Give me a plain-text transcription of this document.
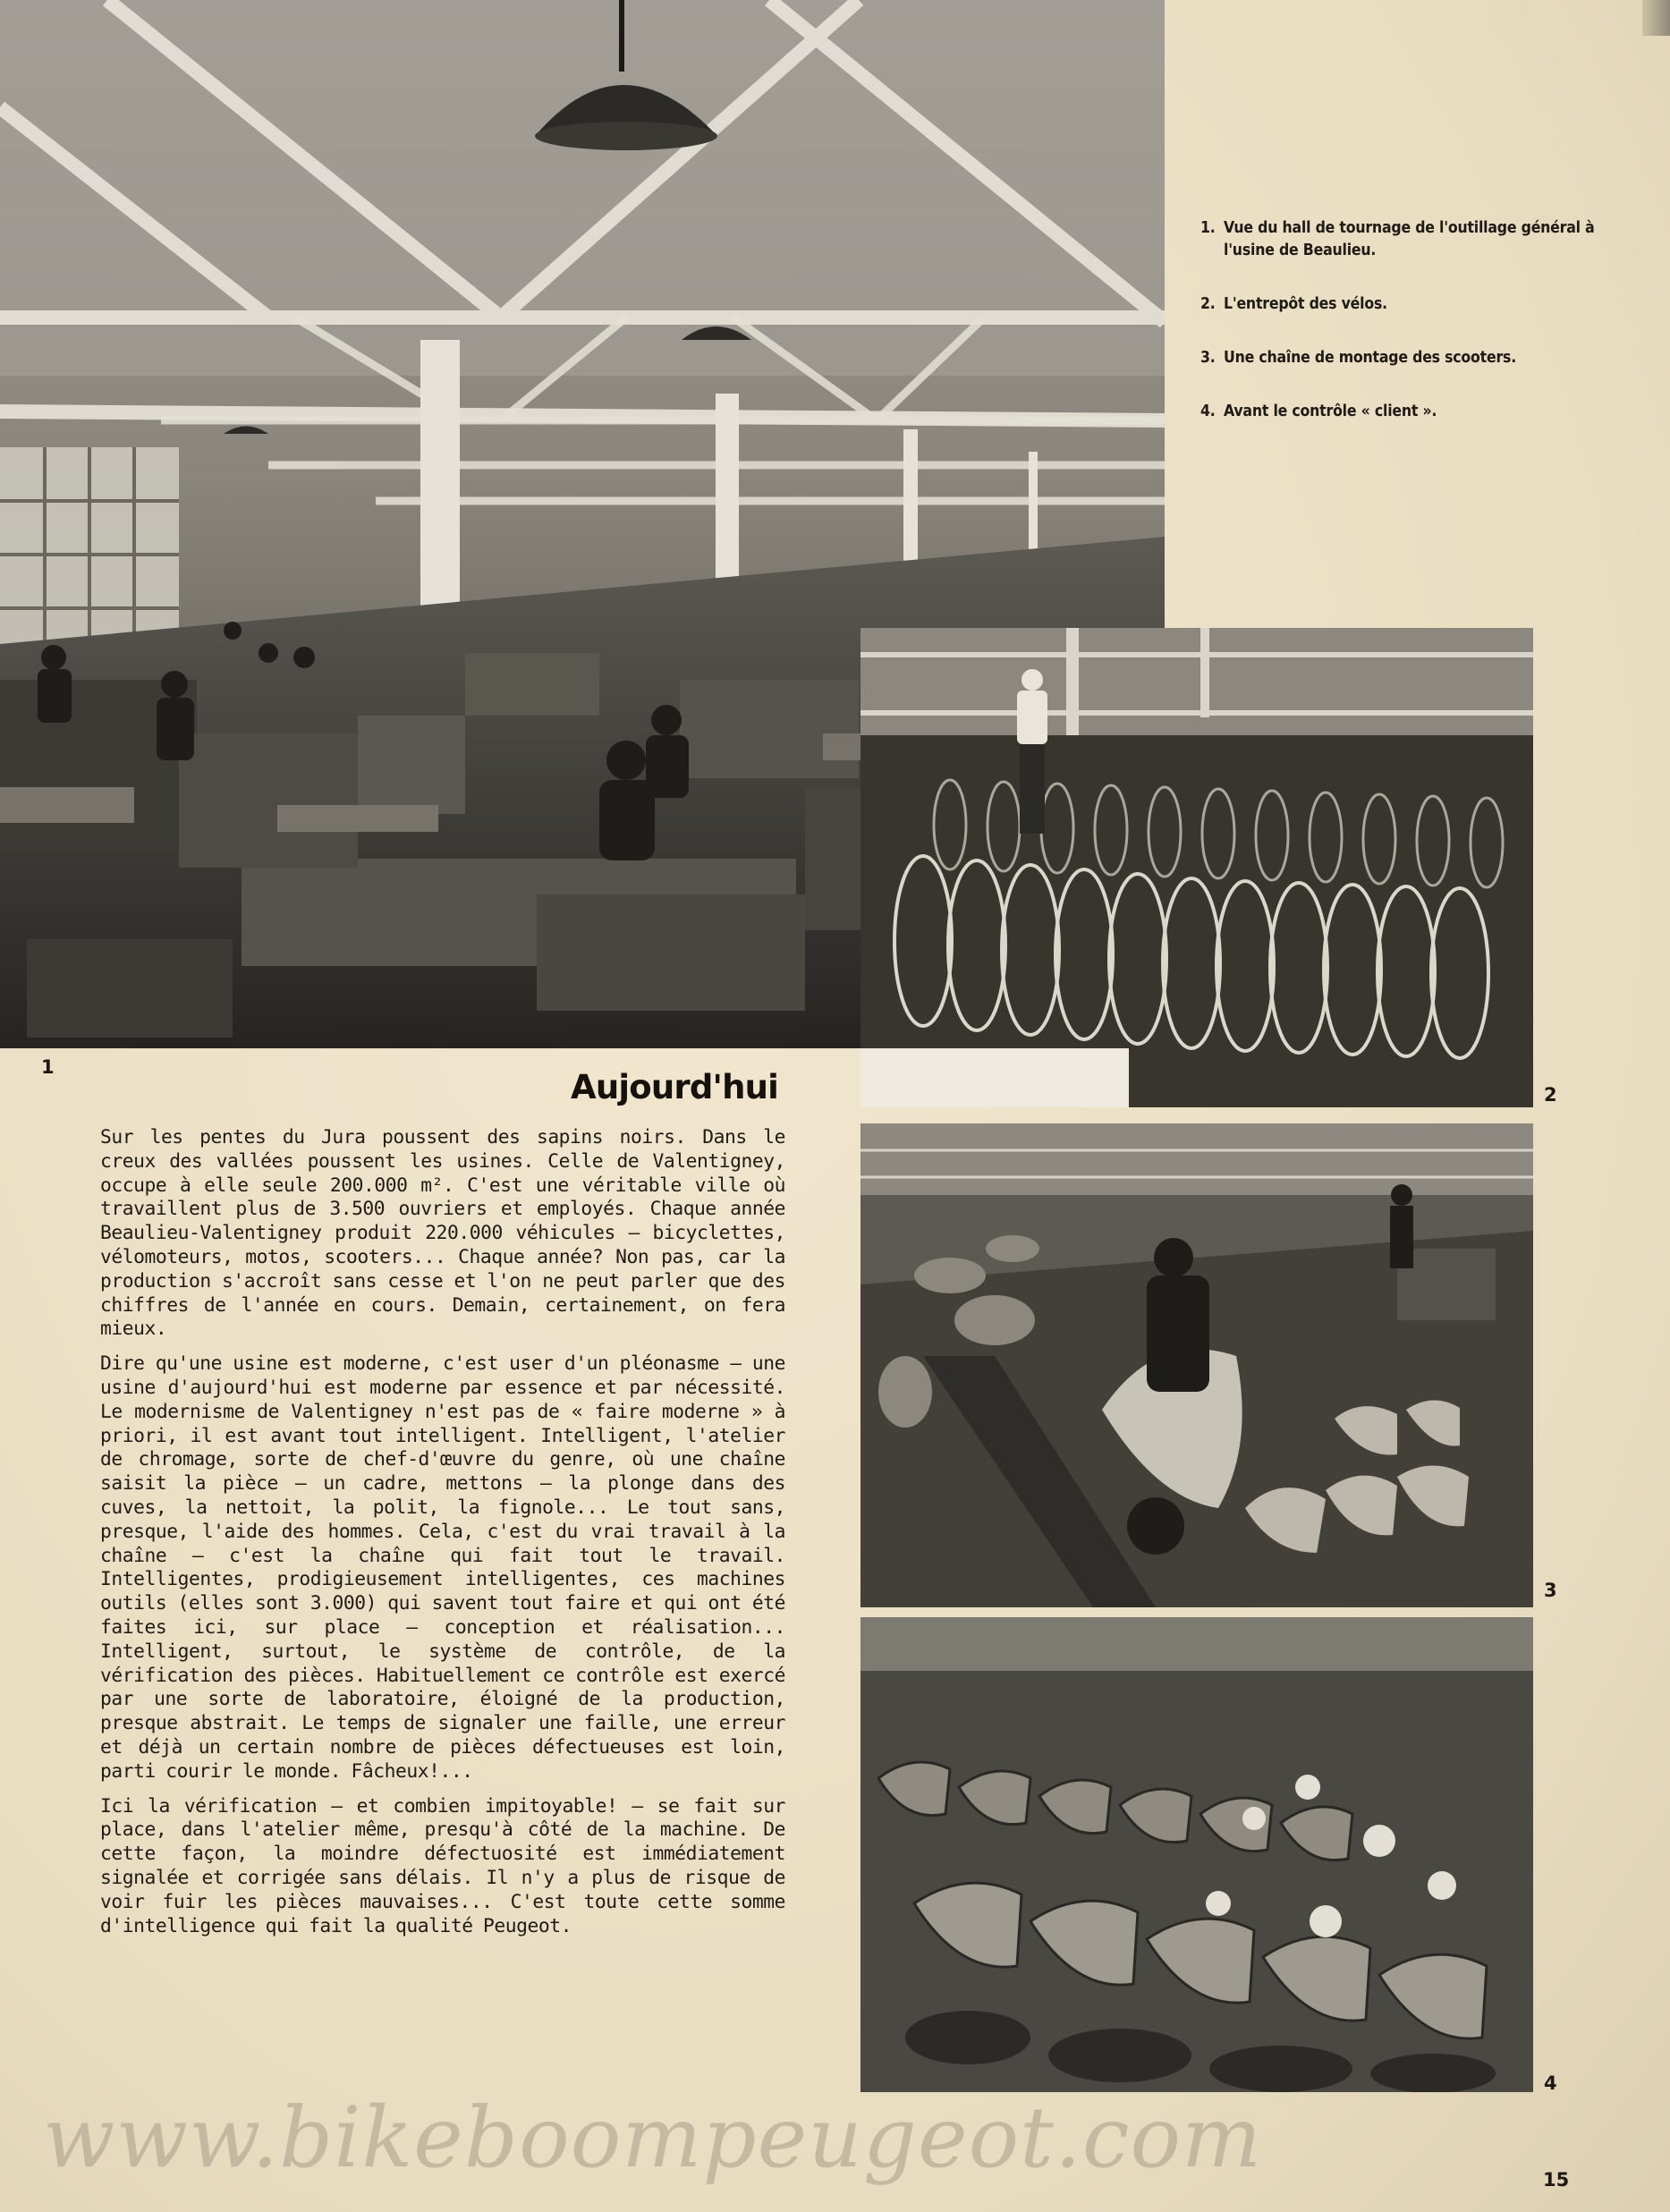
1
2
3
4
1. Vue du hall de tournage de l'outillage général à l'usine de Beaulieu.
2. L'entrepôt des vélos.
3. Une chaîne de montage des scooters.
4. Avant le contrôle « client ».
Aujourd'hui

Sur les pentes du Jura poussent des sapins noirs. Dans le creux des vallées poussent les usines. Celle de Valentigney, occupe à elle seule 200.000 m². C'est une véritable ville où travaillent plus de 3.500 ouvriers et employés. Chaque année Beaulieu-Valentigney produit 220.000 véhicules — bicyclettes, vélomoteurs, motos, scooters... Chaque année? Non pas, car la production s'accroît sans cesse et l'on ne peut parler que des chiffres de l'année en cours. Demain, certainement, on fera mieux.

Dire qu'une usine est moderne, c'est user d'un pléonasme — une usine d'aujourd'hui est moderne par essence et par nécessité. Le modernisme de Valentigney n'est pas de « faire moderne » à priori, il est avant tout intelligent. Intelligent, l'atelier de chromage, sorte de chef-d'œuvre du genre, où une chaîne saisit la pièce — un cadre, mettons — la plonge dans des cuves, la nettoit, la polit, la fignole... Le tout sans, presque, l'aide des hommes. Cela, c'est du vrai travail à la chaîne — c'est la chaîne qui fait tout le travail. Intelligentes, prodigieusement intelligentes, ces machines outils (elles sont 3.000) qui savent tout faire et qui ont été faites ici, sur place — conception et réalisation... Intelligent, surtout, le système de contrôle, de la vérification des pièces. Habituellement ce contrôle est exercé par une sorte de laboratoire, éloigné de la production, presque abstrait. Le temps de signaler une faille, une erreur et déjà un certain nombre de pièces défectueuses est loin, parti courir le monde. Fâcheux!...

Ici la vérification — et combien impitoyable! — se fait sur place, dans l'atelier même, presqu'à côté de la machine. De cette façon, la moindre défectuosité est immédiatement signalée et corrigée sans délais. Il n'y a plus de risque de voir fuir les pièces mauvaises... C'est toute cette somme d'intelligence qui fait la qualité Peugeot.

www.bikeboompeugeot.com	15
